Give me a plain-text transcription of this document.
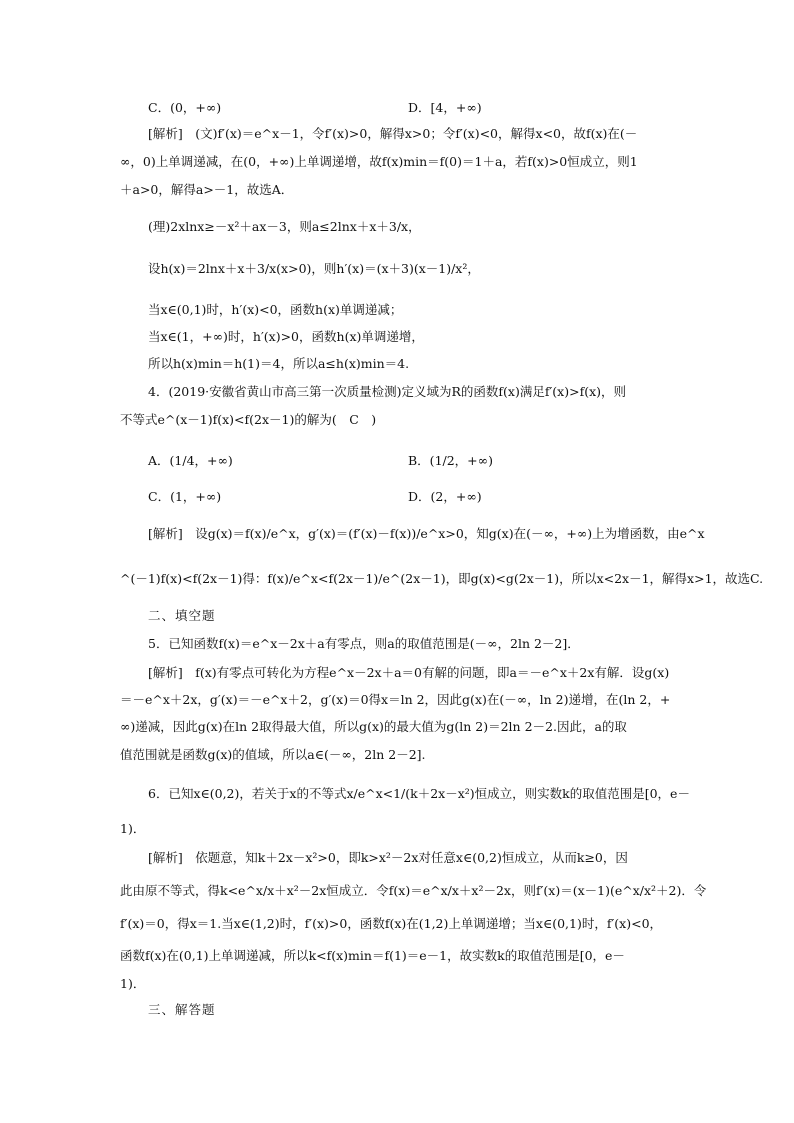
C．(0，+∞)	D．[4，+∞)
[解析]　(文)f′(x)＝e^x－1，令f′(x)>0，解得x>0；令f′(x)<0，解得x<0，故f(x)在(－
∞，0)上单调递减，在(0，+∞)上单调递增，故f(x)min＝f(0)＝1＋a，若f(x)>0恒成立，则1
＋a>0，解得a>－1，故选A．
(理)2xlnx≥－x²＋ax－3，则a≤2lnx＋x＋3/x，
设h(x)＝2lnx＋x＋3/x(x>0)，则h′(x)＝(x＋3)(x－1)/x²，
当x∈(0,1)时，h′(x)<0，函数h(x)单调递减；
当x∈(1，+∞)时，h′(x)>0，函数h(x)单调递增，
所以h(x)min＝h(1)＝4，所以a≤h(x)min＝4.
4．(2019·安徽省黄山市高三第一次质量检测)定义域为R的函数f(x)满足f′(x)>f(x)，则
不等式e^(x－1)f(x)<f(2x－1)的解为(　C　)
A．(1/4，+∞)	B．(1/2，+∞)
C．(1，+∞)	D．(2，+∞)
[解析]　设g(x)＝f(x)/e^x，g′(x)＝(f′(x)－f(x))/e^x>0，知g(x)在(－∞，+∞)上为增函数，由e^x
^(－1)f(x)<f(2x－1)得：f(x)/e^x<f(2x－1)/e^(2x－1)，即g(x)<g(2x－1)，所以x<2x－1，解得x>1，故选C.
二、填空题
5．已知函数f(x)＝e^x－2x＋a有零点，则a的取值范围是(－∞，2ln 2－2]．
[解析]　f(x)有零点可转化为方程e^x－2x＋a＝0有解的问题，即a＝－e^x＋2x有解．设g(x)
＝－e^x＋2x，g′(x)＝－e^x＋2，g′(x)＝0得x＝ln 2，因此g(x)在(－∞，ln 2)递增，在(ln 2，+
∞)递减，因此g(x)在ln 2取得最大值，所以g(x)的最大值为g(ln 2)＝2ln 2－2.因此，a的取
值范围就是函数g(x)的值域，所以a∈(－∞，2ln 2－2].
6．已知x∈(0,2)，若关于x的不等式x/e^x<1/(k＋2x－x²)恒成立，则实数k的取值范围是[0，e－
1)．
[解析]　依题意，知k＋2x－x²>0，即k>x²－2x对任意x∈(0,2)恒成立，从而k≥0，因
此由原不等式，得k<e^x/x＋x²－2x恒成立．令f(x)＝e^x/x＋x²－2x，则f′(x)＝(x－1)(e^x/x²＋2)．令
f′(x)＝0，得x＝1.当x∈(1,2)时，f′(x)>0，函数f(x)在(1,2)上单调递增；当x∈(0,1)时，f′(x)<0，
函数f(x)在(0,1)上单调递减，所以k<f(x)min＝f(1)＝e－1，故实数k的取值范围是[0，e－
1)．
三、解答题
